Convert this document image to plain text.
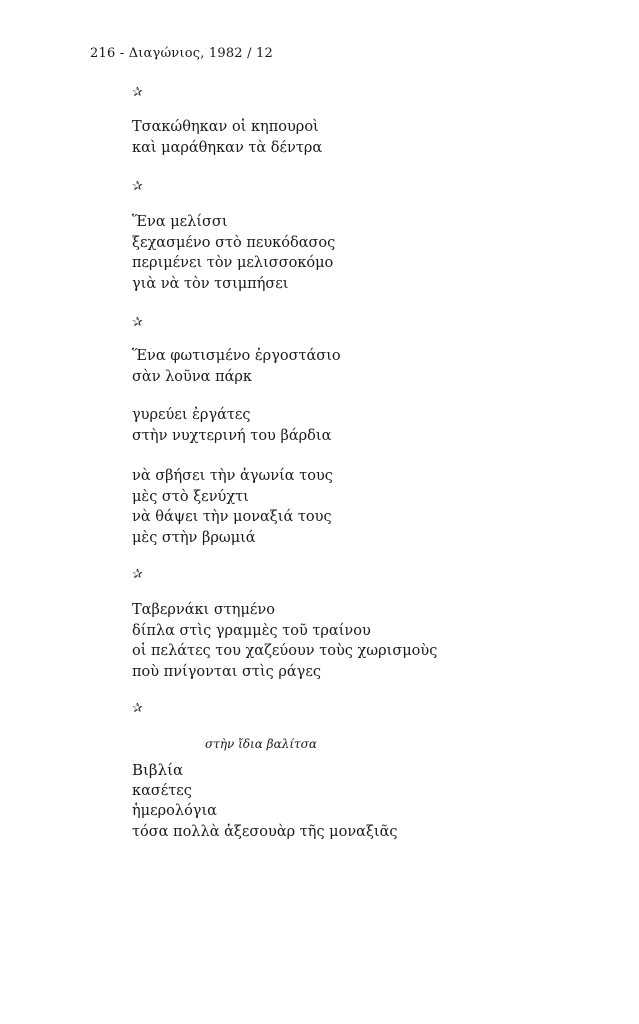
216 - Διαγώνιος, 1982 / 12
✰
Τσακώθηκαν οἱ κηπουροὶ
καὶ μαράθηκαν τὰ δέντρα
✰
Ἕνα μελίσσι
ξεχασμένο στὸ πευκόδασος
περιμένει τὸν μελισσοκόμο
γιὰ νὰ τὸν τσιμπήσει
✰
Ἕνα φωτισμένο ἐργοστάσιο
σὰν λοῦνα πάρκ
γυρεύει ἐργάτες
στὴν νυχτερινή του βάρδια
νὰ σβήσει τὴν ἀγωνία τους
μὲς στὸ ξενύχτι
νὰ θάψει τὴν μοναξιά τους
μὲς στὴν βρωμιά
✰
Ταβερνάκι στημένο
δίπλα στὶς γραμμὲς τοῦ τραίνου
οἱ πελάτες του χαζεύουν τοὺς χωρισμοὺς
ποὺ πνίγονται στὶς ράγες
✰
στὴν ἴδια βαλίτσα
Βιβλία
κασέτες
ἡμερολόγια
τόσα πολλὰ ἀξεσουὰρ τῆς μοναξιᾶς
